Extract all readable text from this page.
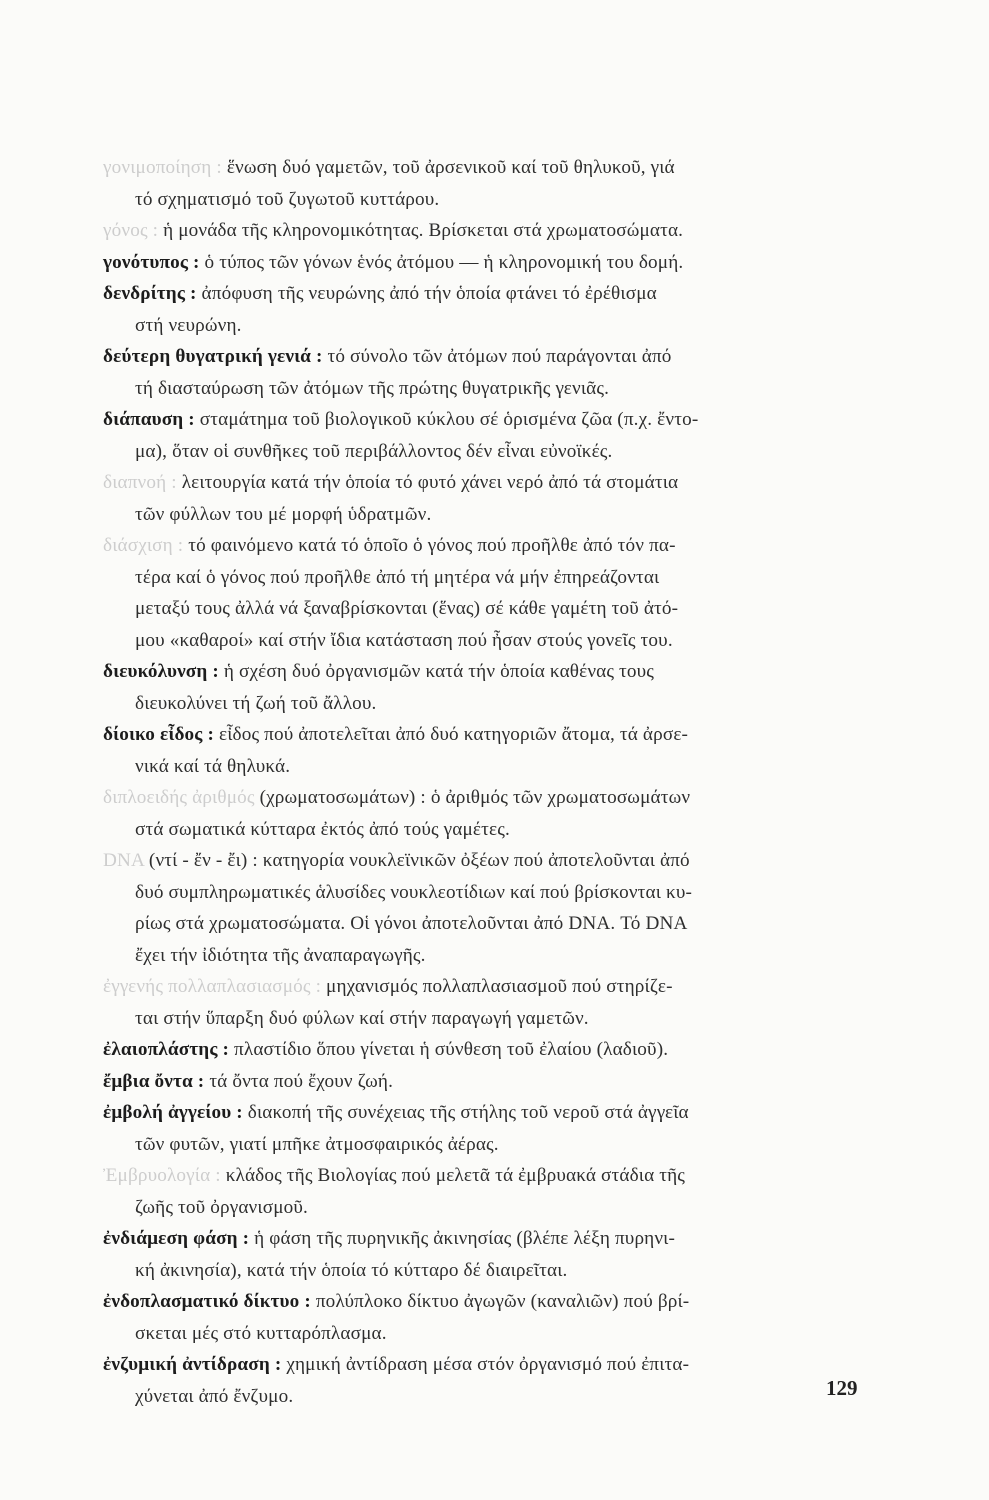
γονιμοποίηση : ἕνωση δυό γαμετῶν, τοῦ ἀρσενικοῦ καί τοῦ θηλυκοῦ, γιά
τό σχηματισμό τοῦ ζυγωτοῦ κυττάρου.

γόνος : ἡ μονάδα τῆς κληρονομικότητας. Βρίσκεται στά χρωματοσώματα.

γονότυπος : ὁ τύπος τῶν γόνων ἑνός ἀτόμου — ἡ κληρονομική του δομή.

δενδρίτης : ἀπόφυση τῆς νευρώνης ἀπό τήν ὁποία φτάνει τό ἐρέθισμα
στή νευρώνη.

δεύτερη θυγατρική γενιά : τό σύνολο τῶν ἀτόμων πού παράγονται ἀπό
τή διασταύρωση τῶν ἀτόμων τῆς πρώτης θυγατρικῆς γενιᾶς.

διάπαυση : σταμάτημα τοῦ βιολογικοῦ κύκλου σέ ὁρισμένα ζῶα (π.χ. ἔντο-
μα), ὅταν οἱ συνθῆκες τοῦ περιβάλλοντος δέν εἶναι εὐνοϊκές.

διαπνοή : λειτουργία κατά τήν ὁποία τό φυτό χάνει νερό ἀπό τά στομάτια
τῶν φύλλων του μέ μορφή ὑδρατμῶν.

διάσχιση : τό φαινόμενο κατά τό ὁποῖο ὁ γόνος πού προῆλθε ἀπό τόν πα-
τέρα καί ὁ γόνος πού προῆλθε ἀπό τή μητέρα νά μήν ἐπηρεάζονται
μεταξύ τους ἀλλά νά ξαναβρίσκονται (ἕνας) σέ κάθε γαμέτη τοῦ ἀτό-
μου «καθαροί» καί στήν ἴδια κατάσταση πού ἦσαν στούς γονεῖς του.

διευκόλυνση : ἡ σχέση δυό ὀργανισμῶν κατά τήν ὁποία καθένας τους
διευκολύνει τή ζωή τοῦ ἄλλου.

δίοικο εἶδος : εἶδος πού ἀποτελεῖται ἀπό δυό κατηγοριῶν ἄτομα, τά ἀρσε-
νικά καί τά θηλυκά.

διπλοειδής ἀριθμός (χρωματοσωμάτων) : ὁ ἀριθμός τῶν χρωματοσωμάτων
στά σωματικά κύτταρα ἐκτός ἀπό τούς γαμέτες.

DNA (ντί - ἔν - ἔι) : κατηγορία νουκλεϊνικῶν ὀξέων πού ἀποτελοῦνται ἀπό
δυό συμπληρωματικές ἁλυσίδες νουκλεοτίδιων καί πού βρίσκονται κυ-
ρίως στά χρωματοσώματα. Οἱ γόνοι ἀποτελοῦνται ἀπό DNA. Τό DNA
ἔχει τήν ἰδιότητα τῆς ἀναπαραγωγῆς.

ἐγγενής πολλαπλασιασμός : μηχανισμός πολλαπλασιασμοῦ πού στηρίζε-
ται στήν ὕπαρξη δυό φύλων καί στήν παραγωγή γαμετῶν.

ἐλαιοπλάστης : πλαστίδιο ὅπου γίνεται ἡ σύνθεση τοῦ ἐλαίου (λαδιοῦ).

ἔμβια ὄντα : τά ὄντα πού ἔχουν ζωή.

ἐμβολή ἀγγείου : διακοπή τῆς συνέχειας τῆς στήλης τοῦ νεροῦ στά ἀγγεῖα
τῶν φυτῶν, γιατί μπῆκε ἀτμοσφαιρικός ἀέρας.

Ἐμβρυολογία : κλάδος τῆς Βιολογίας πού μελετᾶ τά ἐμβρυακά στάδια τῆς
ζωῆς τοῦ ὀργανισμοῦ.

ἐνδιάμεση φάση : ἡ φάση τῆς πυρηνικῆς ἀκινησίας (βλέπε λέξη πυρηνι-
κή ἀκινησία), κατά τήν ὁποία τό κύτταρο δέ διαιρεῖται.

ἐνδοπλασματικό δίκτυο : πολύπλοκο δίκτυο ἀγωγῶν (καναλιῶν) πού βρί-
σκεται μές στό κυτταρόπλασμα.

ἐνζυμική ἀντίδραση : χημική ἀντίδραση μέσα στόν ὀργανισμό πού ἐπιτα-
χύνεται ἀπό ἔνζυμο.	129
